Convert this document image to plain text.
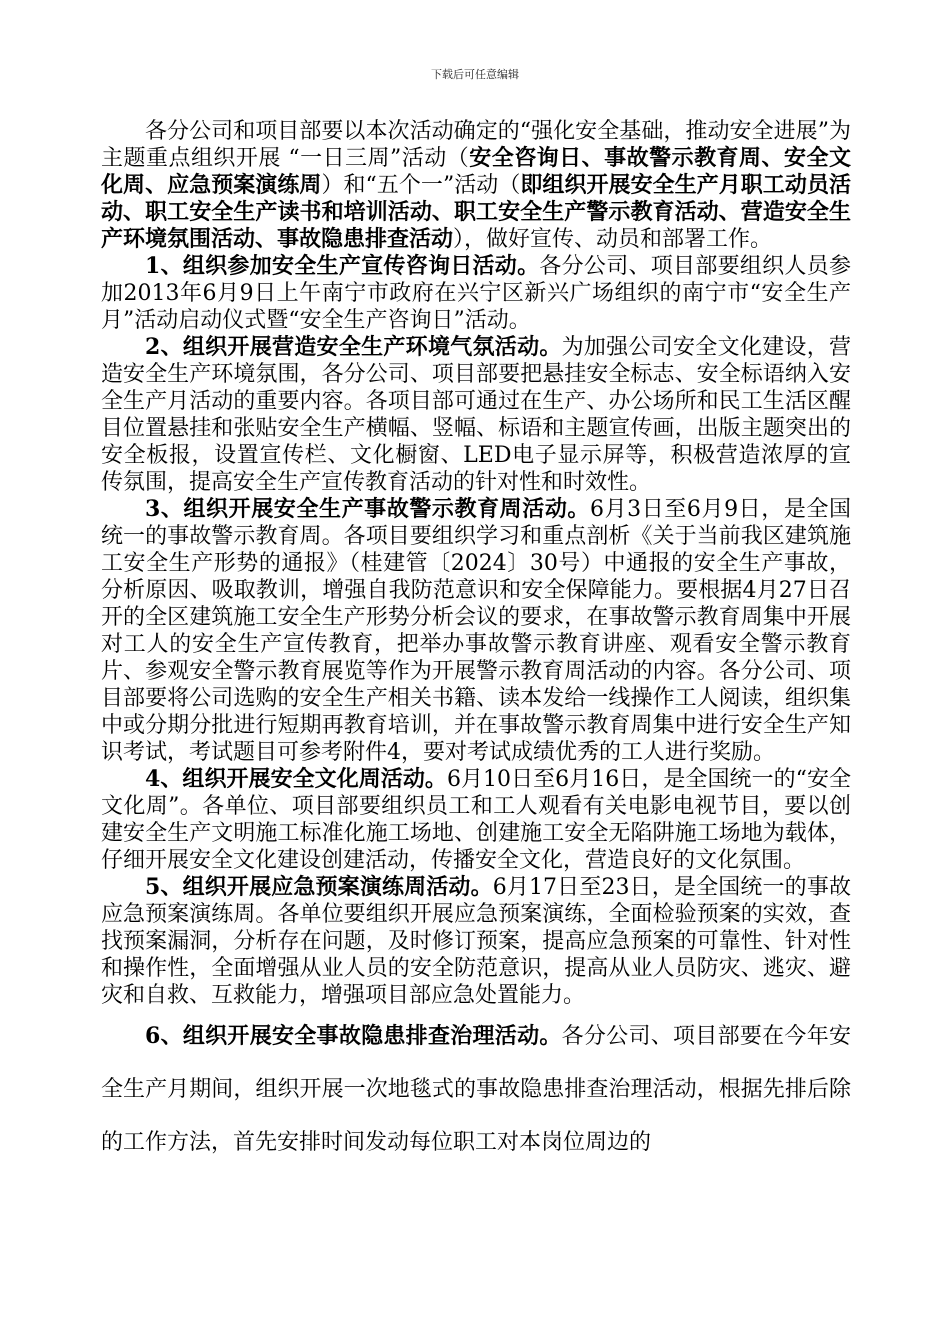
下载后可任意编辑

各分公司和项目部要以本次活动确定的“强化安全基础，推动安全进展”为主题重点组织开展 “一日三周”活动（安全咨询日、事故警示教育周、安全文化周、应急预案演练周）和“五个一”活动（即组织开展安全生产月职工动员活动、职工安全生产读书和培训活动、职工安全生产警示教育活动、营造安全生产环境氛围活动、事故隐患排查活动），做好宣传、动员和部署工作。

1、组织参加安全生产宣传咨询日活动。各分公司、项目部要组织人员参加2013年6月9日上午南宁市政府在兴宁区新兴广场组织的南宁市“安全生产月”活动启动仪式暨“安全生产咨询日”活动。

2、组织开展营造安全生产环境气氛活动。为加强公司安全文化建设，营造安全生产环境氛围，各分公司、项目部要把悬挂安全标志、安全标语纳入安全生产月活动的重要内容。各项目部可通过在生产、办公场所和民工生活区醒目位置悬挂和张贴安全生产横幅、竖幅、标语和主题宣传画，出版主题突出的安全板报，设置宣传栏、文化橱窗、LED电子显示屏等，积极营造浓厚的宣传氛围，提高安全生产宣传教育活动的针对性和时效性。

3、组织开展安全生产事故警示教育周活动。6月3日至6月9日，是全国统一的事故警示教育周。各项目要组织学习和重点剖析《关于当前我区建筑施工安全生产形势的通报》（桂建管〔2024〕30号）中通报的安全生产事故，分析原因、吸取教训，增强自我防范意识和安全保障能力。要根据4月27日召开的全区建筑施工安全生产形势分析会议的要求，在事故警示教育周集中开展对工人的安全生产宣传教育，把举办事故警示教育讲座、观看安全警示教育片、参观安全警示教育展览等作为开展警示教育周活动的内容。各分公司、项目部要将公司选购的安全生产相关书籍、读本发给一线操作工人阅读，组织集中或分期分批进行短期再教育培训，并在事故警示教育周集中进行安全生产知识考试，考试题目可参考附件4，要对考试成绩优秀的工人进行奖励。

4、组织开展安全文化周活动。6月10日至6月16日，是全国统一的“安全文化周”。各单位、项目部要组织员工和工人观看有关电影电视节目，要以创建安全生产文明施工标准化施工场地、创建施工安全无陷阱施工场地为载体，仔细开展安全文化建设创建活动，传播安全文化，营造良好的文化氛围。

5、组织开展应急预案演练周活动。6月17日至23日，是全国统一的事故应急预案演练周。各单位要组织开展应急预案演练，全面检验预案的实效，查找预案漏洞，分析存在问题，及时修订预案，提高应急预案的可靠性、针对性和操作性，全面增强从业人员的安全防范意识，提高从业人员防灾、逃灾、避灾和自救、互救能力，增强项目部应急处置能力。

6、组织开展安全事故隐患排查治理活动。各分公司、项目部要在今年安全生产月期间，组织开展一次地毯式的事故隐患排查治理活动，根据先排后除的工作方法，首先安排时间发动每位职工对本岗位周边的
